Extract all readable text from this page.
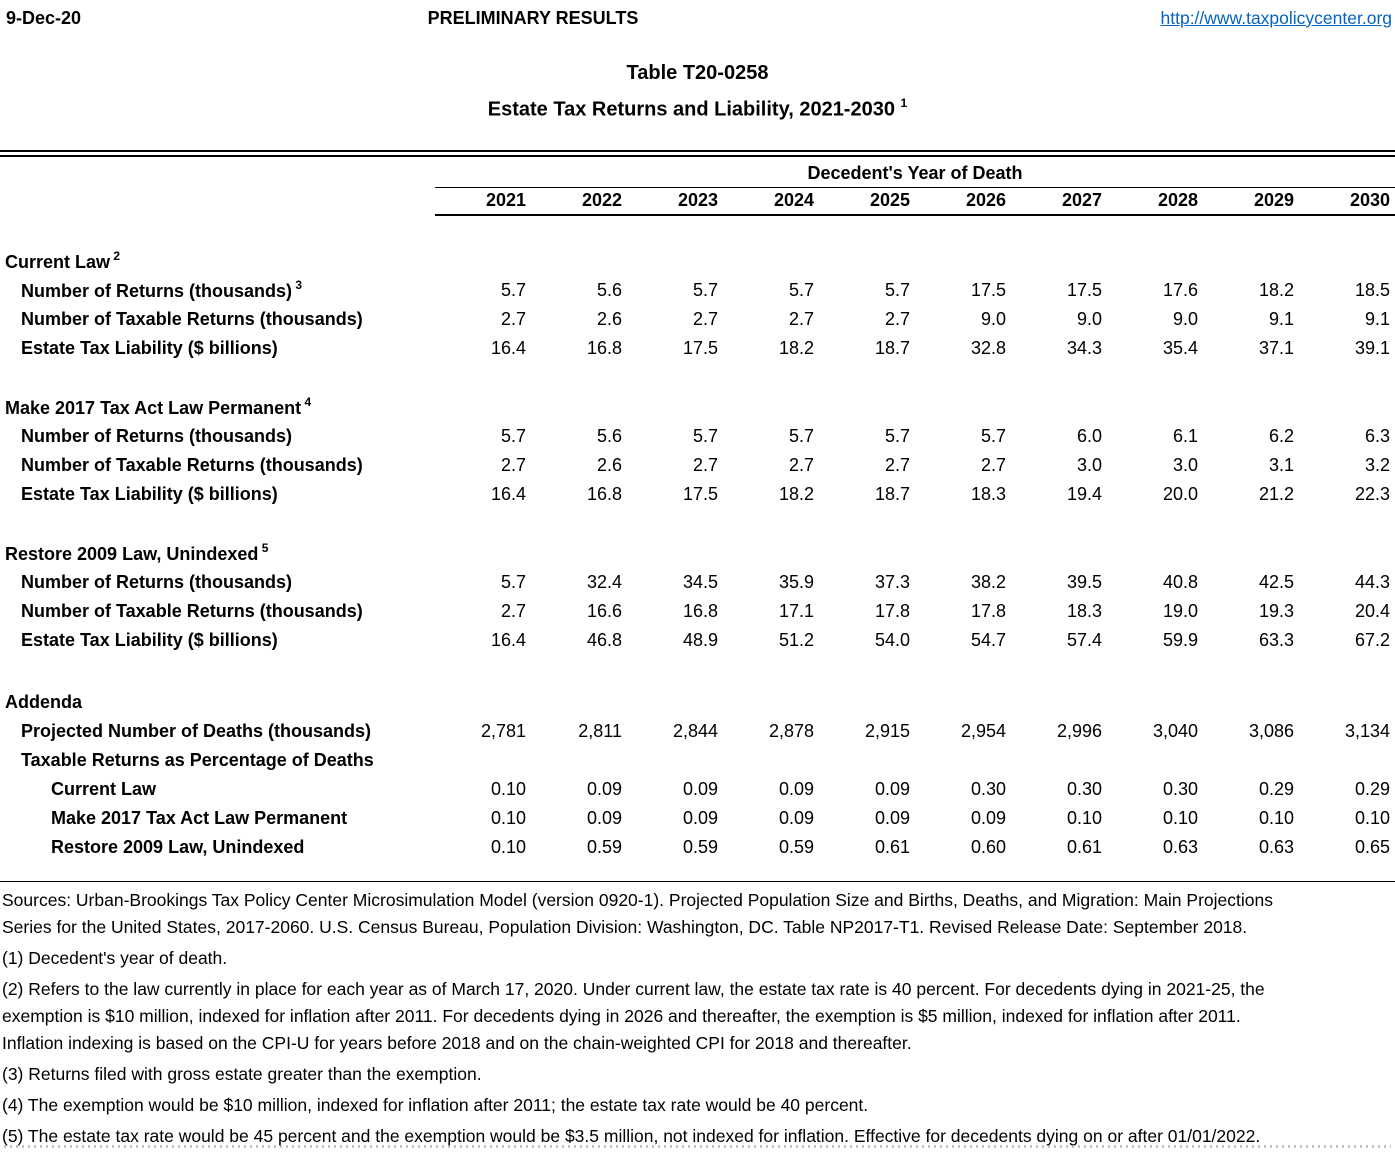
9-Dec-20	PRELIMINARY RESULTS	http://www.taxpolicycenter.org
Table T20-0258
Estate Tax Returns and Liability, 2021-2030 $^1$
	Decedent's Year of Death									
	2021	2022	2023	2024	2025	2026	2027	2028	2029	2030

Current Law $^2$										
Number of Returns (thousands) $^3$	5.7	5.6	5.7	5.7	5.7	17.5	17.5	17.6	18.2	18.5
Number of Taxable Returns (thousands)	2.7	2.6	2.7	2.7	2.7	9.0	9.0	9.0	9.1	9.1
Estate Tax Liability ($ billions)	16.4	16.8	17.5	18.2	18.7	32.8	34.3	35.4	37.1	39.1

Make 2017 Tax Act Law Permanent $^4$										
Number of Returns (thousands)	5.7	5.6	5.7	5.7	5.7	5.7	6.0	6.1	6.2	6.3
Number of Taxable Returns (thousands)	2.7	2.6	2.7	2.7	2.7	2.7	3.0	3.0	3.1	3.2
Estate Tax Liability ($ billions)	16.4	16.8	17.5	18.2	18.7	18.3	19.4	20.0	21.2	22.3

Restore 2009 Law, Unindexed $^5$										
Number of Returns (thousands)	5.7	32.4	34.5	35.9	37.3	38.2	39.5	40.8	42.5	44.3
Number of Taxable Returns (thousands)	2.7	16.6	16.8	17.1	17.8	17.8	18.3	19.0	19.3	20.4
Estate Tax Liability ($ billions)	16.4	46.8	48.9	51.2	54.0	54.7	57.4	59.9	63.3	67.2

Addenda										
Projected Number of Deaths (thousands)	2,781	2,811	2,844	2,878	2,915	2,954	2,996	3,040	3,086	3,134
Taxable Returns as Percentage of Deaths										
Current Law	0.10	0.09	0.09	0.09	0.09	0.30	0.30	0.30	0.29	0.29
Make 2017 Tax Act Law Permanent	0.10	0.09	0.09	0.09	0.09	0.09	0.10	0.10	0.10	0.10
Restore 2009 Law, Unindexed	0.10	0.59	0.59	0.59	0.61	0.60	0.61	0.63	0.63	0.65
Sources: Urban-Brookings Tax Policy Center Microsimulation Model (version 0920-1). Projected Population Size and Births, Deaths, and Migration: Main Projections
Series for the United States, 2017-2060. U.S. Census Bureau, Population Division: Washington, DC. Table NP2017-T1. Revised Release Date: September 2018.
(1) Decedent's year of death.
(2) Refers to the law currently in place for each year as of March 17, 2020. Under current law, the estate tax rate is 40 percent. For decedents dying in 2021-25, the
exemption is $10 million, indexed for inflation after 2011. For decedents dying in 2026 and thereafter, the exemption is $5 million, indexed for inflation after 2011.
Inflation indexing is based on the CPI-U for years before 2018 and on the chain-weighted CPI for 2018 and thereafter.
(3) Returns filed with gross estate greater than the exemption.
(4) The exemption would be $10 million, indexed for inflation after 2011; the estate tax rate would be 40 percent.
(5) The estate tax rate would be 45 percent and the exemption would be $3.5 million, not indexed for inflation. Effective for decedents dying on or after 01/01/2022.
